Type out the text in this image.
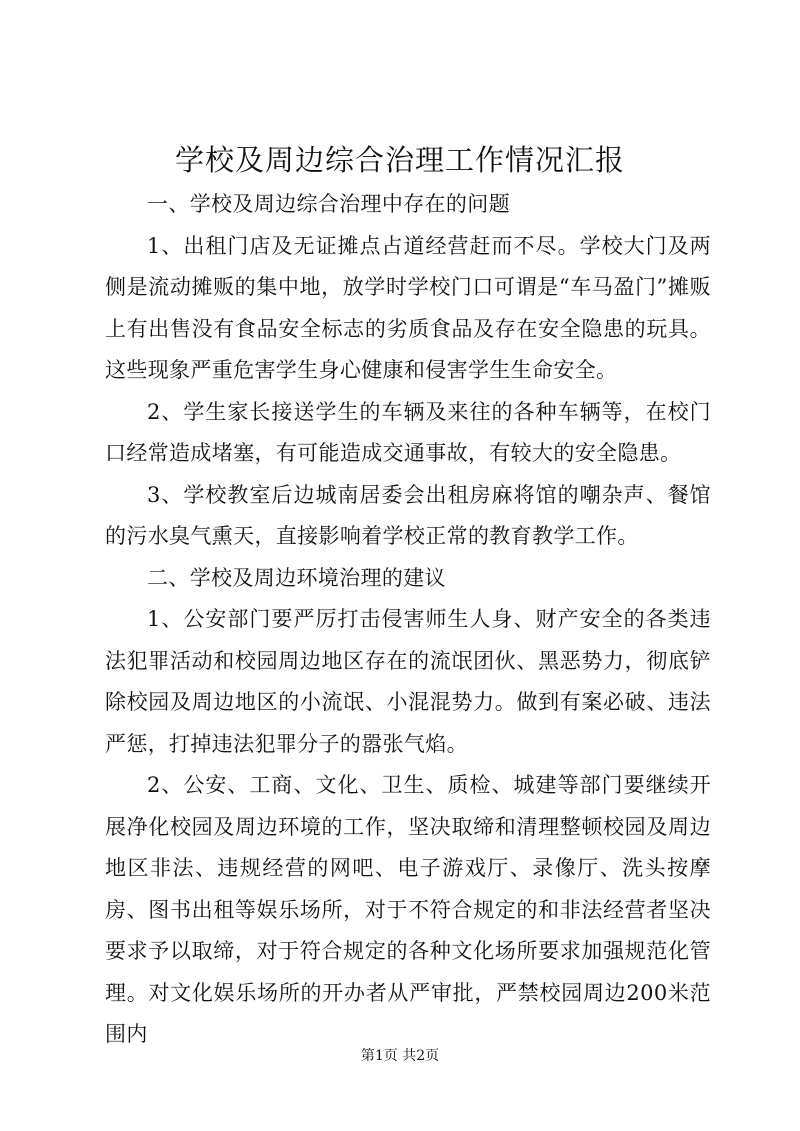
学校及周边综合治理工作情况汇报

一、学校及周边综合治理中存在的问题

1、出租门店及无证摊点占道经营赶而不尽。学校大门及两侧是流动摊贩的集中地，放学时学校门口可谓是“车马盈门”摊贩上有出售没有食品安全标志的劣质食品及存在安全隐患的玩具。这些现象严重危害学生身心健康和侵害学生生命安全。

2、学生家长接送学生的车辆及来往的各种车辆等，在校门口经常造成堵塞，有可能造成交通事故，有较大的安全隐患。

3、学校教室后边城南居委会出租房麻将馆的嘲杂声、餐馆的污水臭气熏天，直接影响着学校正常的教育教学工作。

二、学校及周边环境治理的建议

1、公安部门要严厉打击侵害师生人身、财产安全的各类违法犯罪活动和校园周边地区存在的流氓团伙、黑恶势力，彻底铲除校园及周边地区的小流氓、小混混势力。做到有案必破、违法严惩，打掉违法犯罪分子的嚣张气焰。

2、公安、工商、文化、卫生、质检、城建等部门要继续开展净化校园及周边环境的工作，坚决取缔和清理整顿校园及周边地区非法、违规经营的网吧、电子游戏厅、录像厅、洗头按摩房、图书出租等娱乐场所，对于不符合规定的和非法经营者坚决要求予以取缔，对于符合规定的各种文化场所要求加强规范化管理。对文化娱乐场所的开办者从严审批，严禁校园周边200米范围内

第1页 共2页
